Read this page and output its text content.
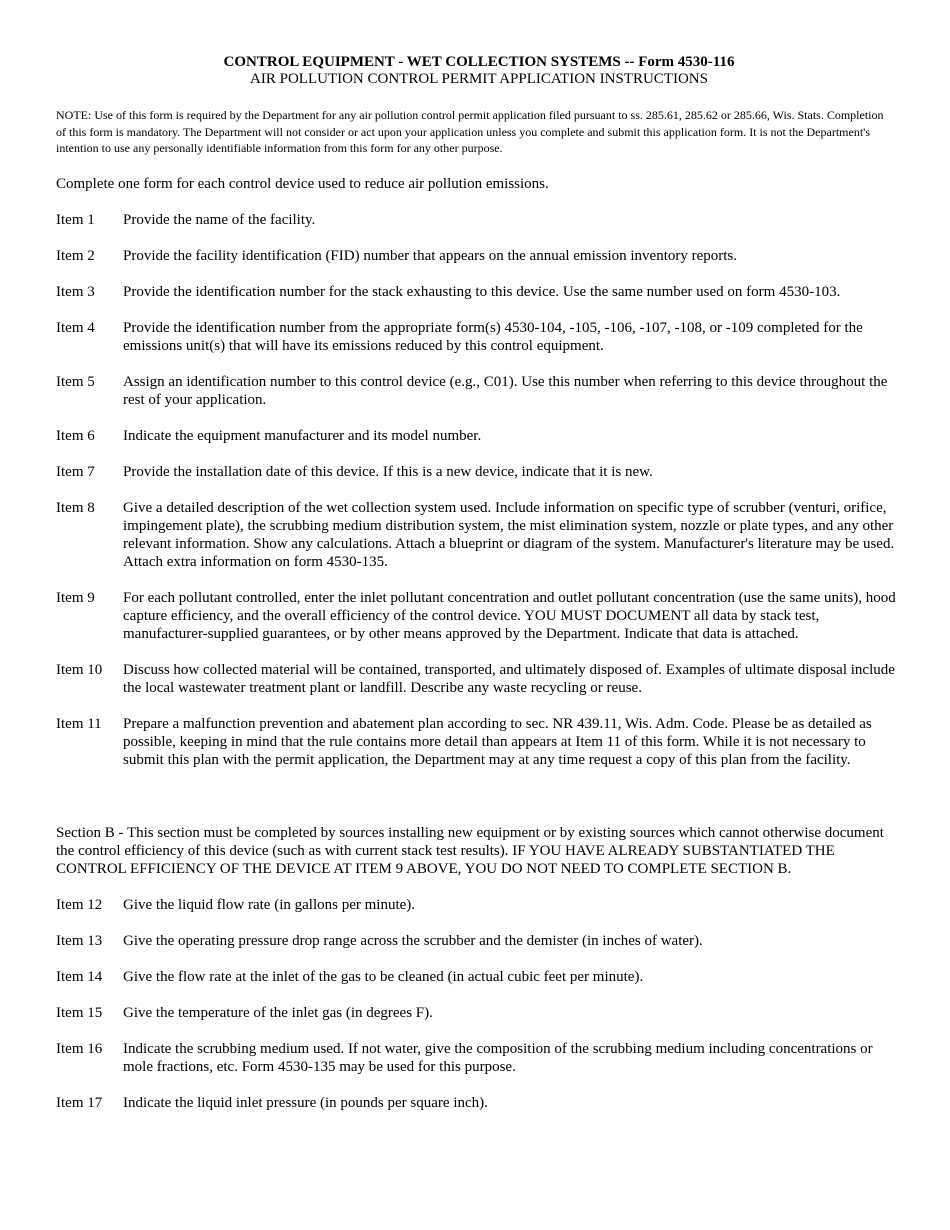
CONTROL EQUIPMENT - WET COLLECTION SYSTEMS -- Form 4530-116
AIR POLLUTION CONTROL PERMIT APPLICATION INSTRUCTIONS
NOTE: Use of this form is required by the Department for any air pollution control permit application filed pursuant to ss. 285.61, 285.62 or 285.66, Wis. Stats. Completion of this form is mandatory. The Department will not consider or act upon your application unless you complete and submit this application form. It is not the Department's intention to use any personally identifiable information from this form for any other purpose.
Complete one form for each control device used to reduce air pollution emissions.
Item 1 Provide the name of the facility.
Item 2 Provide the facility identification (FID) number that appears on the annual emission inventory reports.
Item 3 Provide the identification number for the stack exhausting to this device. Use the same number used on form 4530-103.
Item 4 Provide the identification number from the appropriate form(s) 4530-104, -105, -106, -107, -108, or -109 completed for the emissions unit(s) that will have its emissions reduced by this control equipment.
Item 5 Assign an identification number to this control device (e.g., C01). Use this number when referring to this device throughout the rest of your application.
Item 6 Indicate the equipment manufacturer and its model number.
Item 7 Provide the installation date of this device. If this is a new device, indicate that it is new.
Item 8 Give a detailed description of the wet collection system used. Include information on specific type of scrubber (venturi, orifice, impingement plate), the scrubbing medium distribution system, the mist elimination system, nozzle or plate types, and any other relevant information. Show any calculations. Attach a blueprint or diagram of the system. Manufacturer's literature may be used. Attach extra information on form 4530-135.
Item 9 For each pollutant controlled, enter the inlet pollutant concentration and outlet pollutant concentration (use the same units), hood capture efficiency, and the overall efficiency of the control device. YOU MUST DOCUMENT all data by stack test, manufacturer-supplied guarantees, or by other means approved by the Department. Indicate that data is attached.
Item 10 Discuss how collected material will be contained, transported, and ultimately disposed of. Examples of ultimate disposal include the local wastewater treatment plant or landfill. Describe any waste recycling or reuse.
Item 11 Prepare a malfunction prevention and abatement plan according to sec. NR 439.11, Wis. Adm. Code. Please be as detailed as possible, keeping in mind that the rule contains more detail than appears at Item 11 of this form. While it is not necessary to submit this plan with the permit application, the Department may at any time request a copy of this plan from the facility.
Section B - This section must be completed by sources installing new equipment or by existing sources which cannot otherwise document the control efficiency of this device (such as with current stack test results). IF YOU HAVE ALREADY SUBSTANTIATED THE CONTROL EFFICIENCY OF THE DEVICE AT ITEM 9 ABOVE, YOU DO NOT NEED TO COMPLETE SECTION B.
Item 12 Give the liquid flow rate (in gallons per minute).
Item 13 Give the operating pressure drop range across the scrubber and the demister (in inches of water).
Item 14 Give the flow rate at the inlet of the gas to be cleaned (in actual cubic feet per minute).
Item 15 Give the temperature of the inlet gas (in degrees F).
Item 16 Indicate the scrubbing medium used. If not water, give the composition of the scrubbing medium including concentrations or mole fractions, etc. Form 4530-135 may be used for this purpose.
Item 17 Indicate the liquid inlet pressure (in pounds per square inch).
